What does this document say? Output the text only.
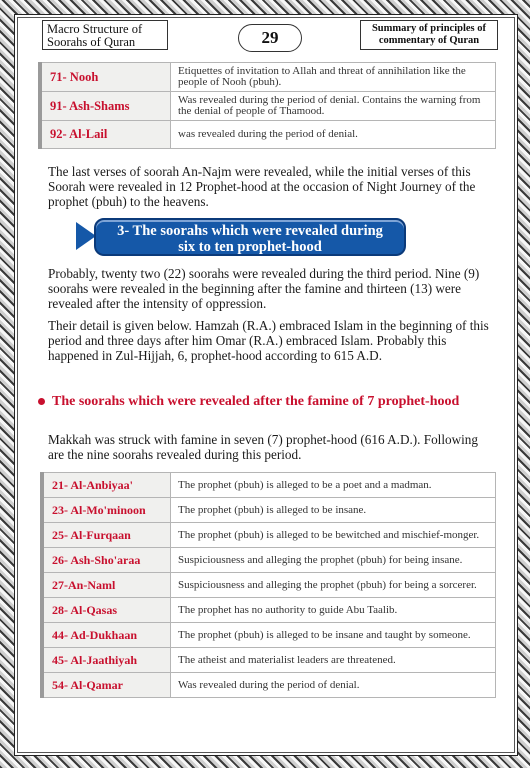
Macro Structure of
Soorahs of Quran	29	Summary of principles of
commentary of Quran
71- Nooh	Etiquettes of invitation to Allah and threat of annihilation like the people of Nooh (pbuh).
91- Ash-Shams	Was revealed during the period of denial. Contains the warning from the denial of people of Thamood.
92- Al-Lail	was revealed during the period of denial.

The last verses of soorah An-Najm were revealed, while the initial verses of this Soorah were revealed in 12 Prophet-hood at the occasion of Night Journey of the prophet (pbuh) to the heavens.

3- The soorahs which were revealed during
six to ten prophet-hood

Probably, twenty two (22) soorahs were revealed during the third period. Nine (9) soorahs were revealed in the beginning after the famine and thirteen (13) were revealed after the intensity of oppression.

Their detail is given below. Hamzah (R.A.) embraced Islam in the beginning of this period and three days after him Omar (R.A.) embraced Islam. Probably this happened in Zul-Hijjah, 6, prophet-hood according to 615 A.D.

The soorahs which were revealed after the famine of 7 prophet-hood

Makkah was struck with famine in seven (7) prophet-hood (616 A.D.). Following are the nine soorahs revealed during this period.

21- Al-Anbiyaa'	The prophet (pbuh) is alleged to be a poet and a madman.
23- Al-Mo'minoon	The prophet (pbuh) is alleged to be insane.
25- Al-Furqaan	The prophet (pbuh) is alleged to be bewitched and mischief-monger.
26- Ash-Sho'araa	Suspiciousness and alleging the prophet (pbuh) for being insane.
27-An-Naml	Suspiciousness and alleging the prophet (pbuh) for being a sorcerer.
28- Al-Qasas	The prophet has no authority to guide Abu Taalib.
44- Ad-Dukhaan	The prophet (pbuh) is alleged to be insane and taught by someone.
45- Al-Jaathiyah	The atheist and materialist leaders are threatened.
54- Al-Qamar	Was revealed during the period of denial.
